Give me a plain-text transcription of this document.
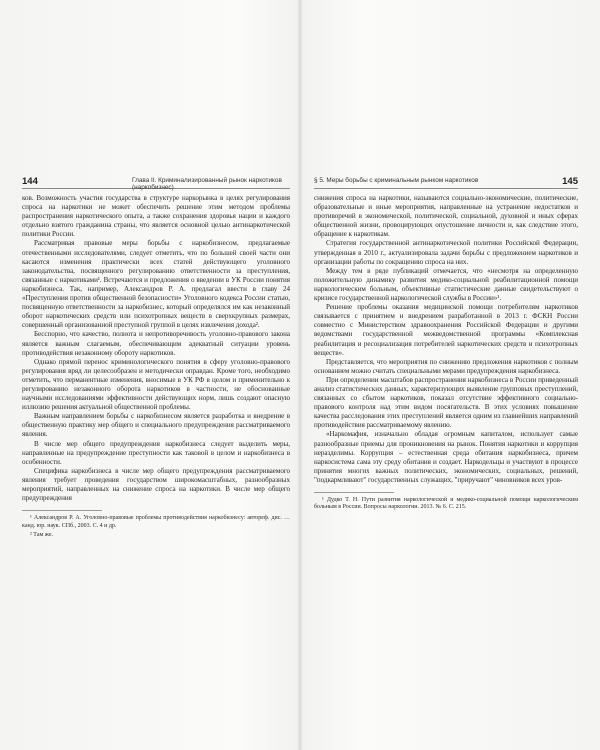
144	Глава II. Криминализированный рынок наркотиков (наркобизнес)

ков. Возможность участия государства в структуре наркорынка в целях регулирования спроса на наркотики не может обеспечить решение этим методом проблемы распространения наркотического опыта, а также сохранения здоровья нации и каждого отдельно взятого гражданина страны, что является основной целью антинаркотической политики России.

Рассматривая правовые меры борьбы с наркобизнесом, предлагаемые отечественными исследователями, следует отметить, что по большей своей части они касаются изменения практически всех статей действующего уголовного законодательства, посвященного регулированию ответственности за преступления, связанные с наркотиками¹. Встречаются и предложения о введении в УК России понятия наркобизнеса. Так, например, Александров Р. А. предлагал ввести в главу 24 «Преступления против общественной безопасности» Уголовного кодекса России статью, посвященную ответственности за наркобизнес, который определялся им как незаконный оборот наркотических средств или психотропных веществ в сверхкрупных размерах, совершенный организованной преступной группой в целях извлечения дохода².

Бесспорно, что качество, полнота и непротиворечивость уголовно-правового закона является важным слагаемым, обеспечивающим адекватный ситуации уровень противодействия незаконному обороту наркотиков.

Однако прямой перенос криминологического понятия в сферу уголовно-правового регулирования вряд ли целесообразен и методически оправдан. Кроме того, необходимо отметить, что перманентные изменения, вносимые в УК РФ в целом и применительно к регулированию незаконного оборота наркотиков в частности, не обоснованные научными исследованиями эффективности действующих норм, лишь создают опасную иллюзию решения актуальной общественной проблемы.

Важным направлением борьбы с наркобизнесом является разработка и внедрение в общественную практику мер общего и специального предупреждения рассматриваемого явления.

В числе мер общего предупреждения наркобизнеса следует выделить меры, направленные на предупреждение преступности как таковой в целом и наркобизнеса в особенности.

Специфика наркобизнеса в числе мер общего предупреждения рассматриваемого явления требует проведения государством широкомасштабных, разнообразных мероприятий, направленных на снижение спроса на наркотики. В числе мер общего предупреждения

¹ Александров Р. А. Уголовно-правовые проблемы противодействия наркобизнесу: автореф. дис. … канд. юр. наук. СПб., 2003. С. 4 и др.

² Там же.

§ 5. Меры борьбы с криминальным рынком наркотиков	145

снижения спроса на наркотики, называются социально-экономические, политические, образовательные и иные мероприятия, направленные на устранение недостатков и противоречий в экономической, политической, социальной, духовной и иных сферах общественной жизни, провоцирующих опустошение личности и, как следствие этого, обращение к наркотикам.

Стратегия государственной антинаркотической политики Российской Федерации, утвержденная в 2010 г., актуализировала задачи борьбы с предложением наркотиков и организации работы по сокращению спроса на них.

Между тем в ряде публикаций отмечается, что «несмотря на определенную положительную динамику развития медико-социальной реабилитационной помощи наркологическим больным, объективные статистические данные свидетельствуют о кризисе государственной наркологической службы в России»¹.

Решение проблемы оказания медицинской помощи потребителям наркотиков связывается с принятием и внедрением разработанной в 2013 г. ФСКН России совместно с Министерством здравоохранения Российской Федерации и другими ведомствами государственной межведомственной программы «Комплексная реабилитация и ресоциализация потребителей наркотических средств и психотропных веществ».

Представляется, что мероприятия по снижению предложения наркотиков с полным основанием можно считать специальными мерами предупреждения наркобизнеса.

При определении масштабов распространения наркобизнеса в России приведенный анализ статистических данных, характеризующих выявление групповых преступлений, связанных со сбытом наркотиков, показал отсутствие эффективного социально-правового контроля над этим видом посягательств. В этих условиях повышение качества расследования этих преступлений является одним из главнейших направлений противодействия рассматриваемому явлению.

«Наркомафия, изначально обладая огромным капиталом, использует самые разнообразные приемы для проникновения на рынок. Понятия наркотики и коррупция неразделимы. Коррупция – естественная среда обитания наркобизнеса, причем наркосистема сама эту среду обитания и создает. Наркодельцы и участвуют в процессе принятия многих важных политических, экономических, социальных, решений, "подкармливают" государственных служащих, "приручают" чиновников всех уров-

¹ Дудко Т. Н. Пути развития наркологической и медико-социальной помощи наркологическим больным в России. Вопросы наркологии. 2013. № 6. С. 215.
